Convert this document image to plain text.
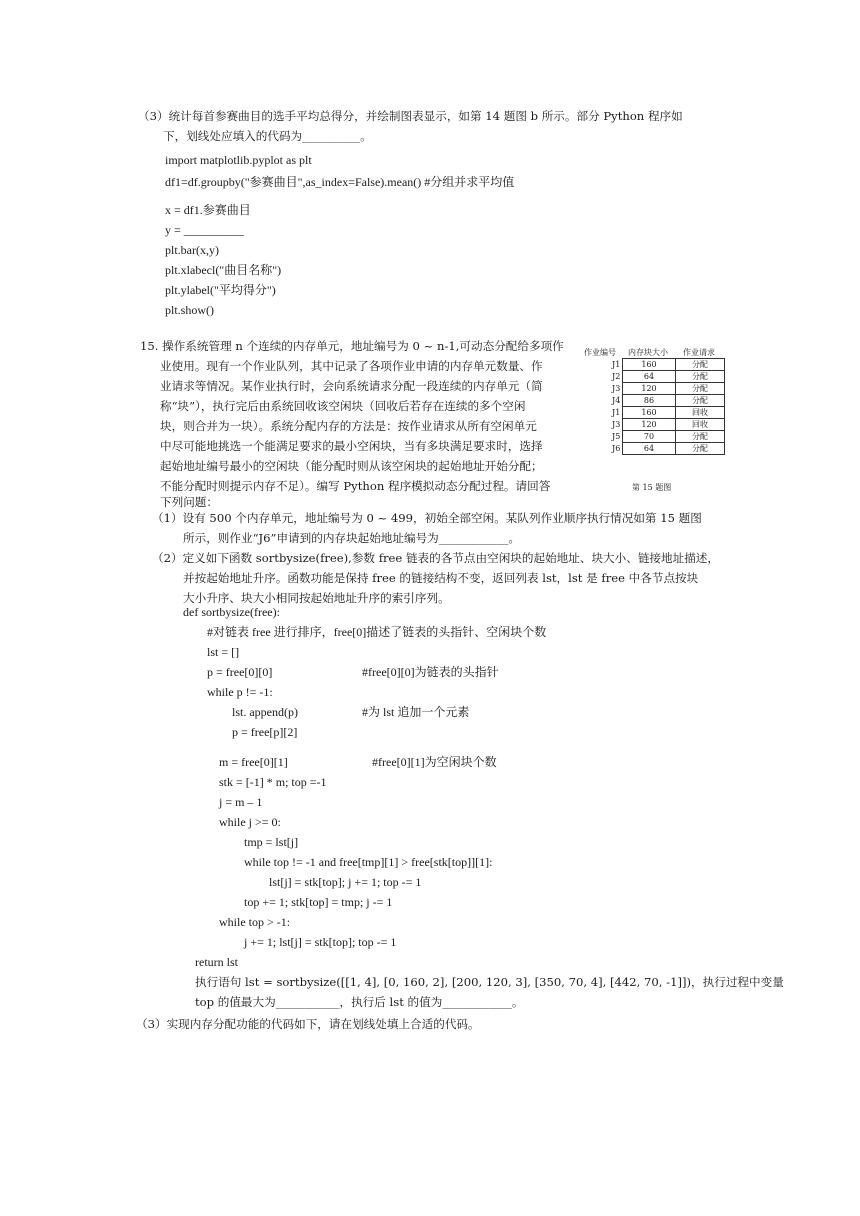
（3）统计每首参赛曲目的选手平均总得分，并绘制图表显示，如第 14 题图 b 所示。部分 Python 程序如
下，划线处应填入的代码为__________。
import matplotlib.pyplot as plt
df1=df.groupby("参赛曲目",as_index=False).mean() #分组并求平均值
x = df1.参赛曲目
y = __________
plt.bar(x,y)
plt.xlabecl("曲目名称")
plt.ylabel("平均得分")
plt.show()
15. 操作系统管理 n 个连续的内存单元，地址编号为 0 ~ n-1,可动态分配给多项作
业使用。现有一个作业队列，其中记录了各项作业申请的内存单元数量、作
业请求等情况。某作业执行时，会向系统请求分配一段连续的内存单元（简
称“块”），执行完后由系统回收该空闲块（回收后若存在连续的多个空闲
块，则合并为一块）。系统分配内存的方法是：按作业请求从所有空闲单元
中尽可能地挑选一个能满足要求的最小空闲块，当有多块满足要求时，选择
起始地址编号最小的空闲块（能分配时则从该空闲块的起始地址开始分配；
不能分配时则提示内存不足）。编写 Python 程序模拟动态分配过程。请回答
下列问题：
作业编号 内存块大小 作业请求
J1	160	分配
J2	64	分配
J3	120	分配
J4	86	分配
J1	160	回收
J3	120	回收
J5	70	分配
J6	64	分配
第 15 题图
（1）设有 500 个内存单元，地址编号为 0 ~ 499，初始全部空闲。某队列作业顺序执行情况如第 15 题图
所示，则作业“J6”申请到的内存块起始地址编号为____________。
（2）定义如下函数 sortbysize(free),参数 free 链表的各节点由空闲块的起始地址、块大小、链接地址描述，
并按起始地址升序。函数功能是保持 free 的链接结构不变，返回列表 lst，lst 是 free 中各节点按块
大小升序、块大小相同按起始地址升序的索引序列。
def sortbysize(free):
#对链表 free 进行排序，free[0]描述了链表的头指针、空闲块个数
lst = []
p = free[0][0]	#free[0][0]为链表的头指针
while p != -1:
lst. append(p)	#为 lst 追加一个元素
p = free[p][2]
m = free[0][1]	#free[0][1]为空闲块个数
stk = [-1] * m; top =-1
j = m – 1
while j >= 0:
tmp = lst[j]
while top != -1 and free[tmp][1] > free[stk[top]][1]:
lst[j] = stk[top]; j += 1; top -= 1
top += 1; stk[top] = tmp; j -= 1
while top > -1:
j += 1; lst[j] = stk[top]; top -= 1
return lst
执行语句 lst = sortbysize([[1, 4], [0, 160, 2], [200, 120, 3], [350, 70, 4], [442, 70, -1]])，执行过程中变量
top 的值最大为___________，执行后 lst 的值为____________。
（3）实现内存分配功能的代码如下，请在划线处填上合适的代码。
